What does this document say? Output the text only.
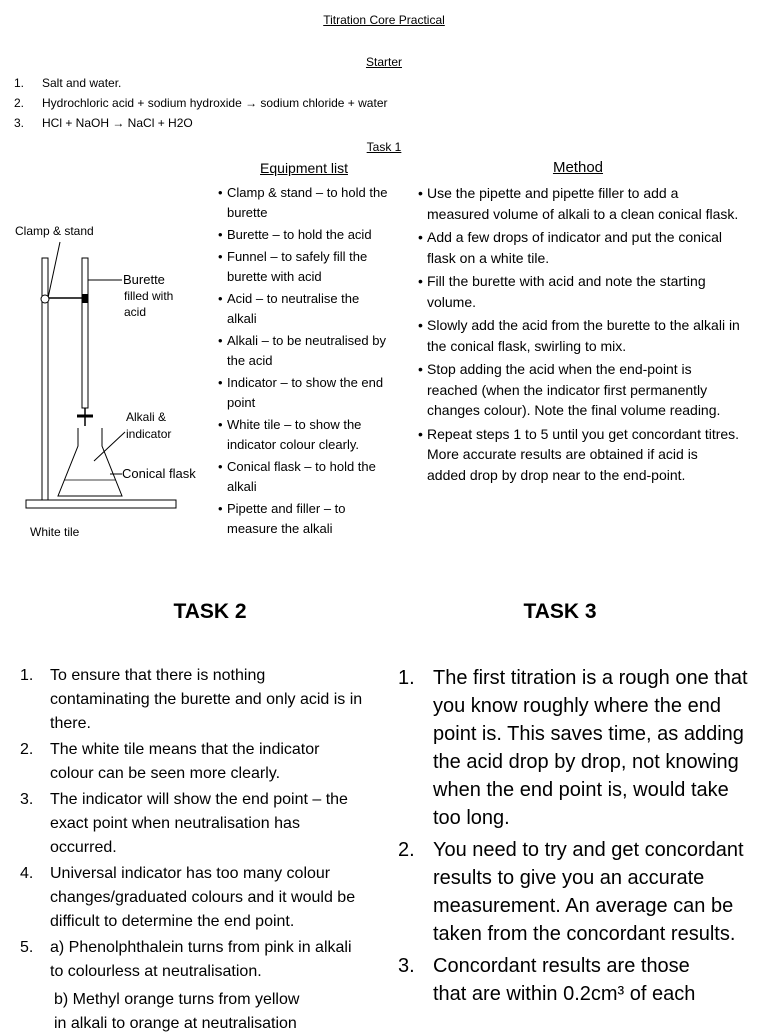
Titration Core Practical
Starter
1. Salt and water.
2. Hydrochloric acid + sodium hydroxide → sodium chloride + water
3. HCl + NaOH → NaCl + H2O
Task 1
Clamp & stand
Burette
filled with
acid
Alkali &
indicator
Conical flask
White tile
Equipment list
• Clamp & stand – to hold the burette
• Burette – to hold the acid
• Funnel – to safely fill the burette with acid
• Acid – to neutralise the alkali
• Alkali – to be neutralised by the acid
• Indicator – to show the end point
• White tile – to show the indicator colour clearly.
• Conical flask – to hold the alkali
• Pipette and filler – to measure the alkali
Method
• Use the pipette and pipette filler to add a measured volume of alkali to a clean conical flask.
• Add a few drops of indicator and put the conical flask on a white tile.
• Fill the burette with acid and note the starting volume.
• Slowly add the acid from the burette to the alkali in the conical flask, swirling to mix.
• Stop adding the acid when the end-point is reached (when the indicator first permanently changes colour). Note the final volume reading.
• Repeat steps 1 to 5 until you get concordant titres. More accurate results are obtained if acid is added drop by drop near to the end-point.
TASK 2
1. To ensure that there is nothing contaminating the burette and only acid is in there.
2. The white tile means that the indicator colour can be seen more clearly.
3. The indicator will show the end point – the exact point when neutralisation has occurred.
4. Universal indicator has too many colour changes/graduated colours and it would be difficult to determine the end point.
5. a) Phenolphthalein turns from pink in alkali to colourless at neutralisation.
b) Methyl orange turns from yellow
in alkali to orange at neutralisation
TASK 3
1. The first titration is a rough one that you know roughly where the end point is. This saves time, as adding the acid drop by drop, not knowing when the end point is, would take too long.
2. You need to try and get concordant results to give you an accurate measurement. An average can be taken from the concordant results.
3. Concordant results are those
that are within 0.2cm³ of each
